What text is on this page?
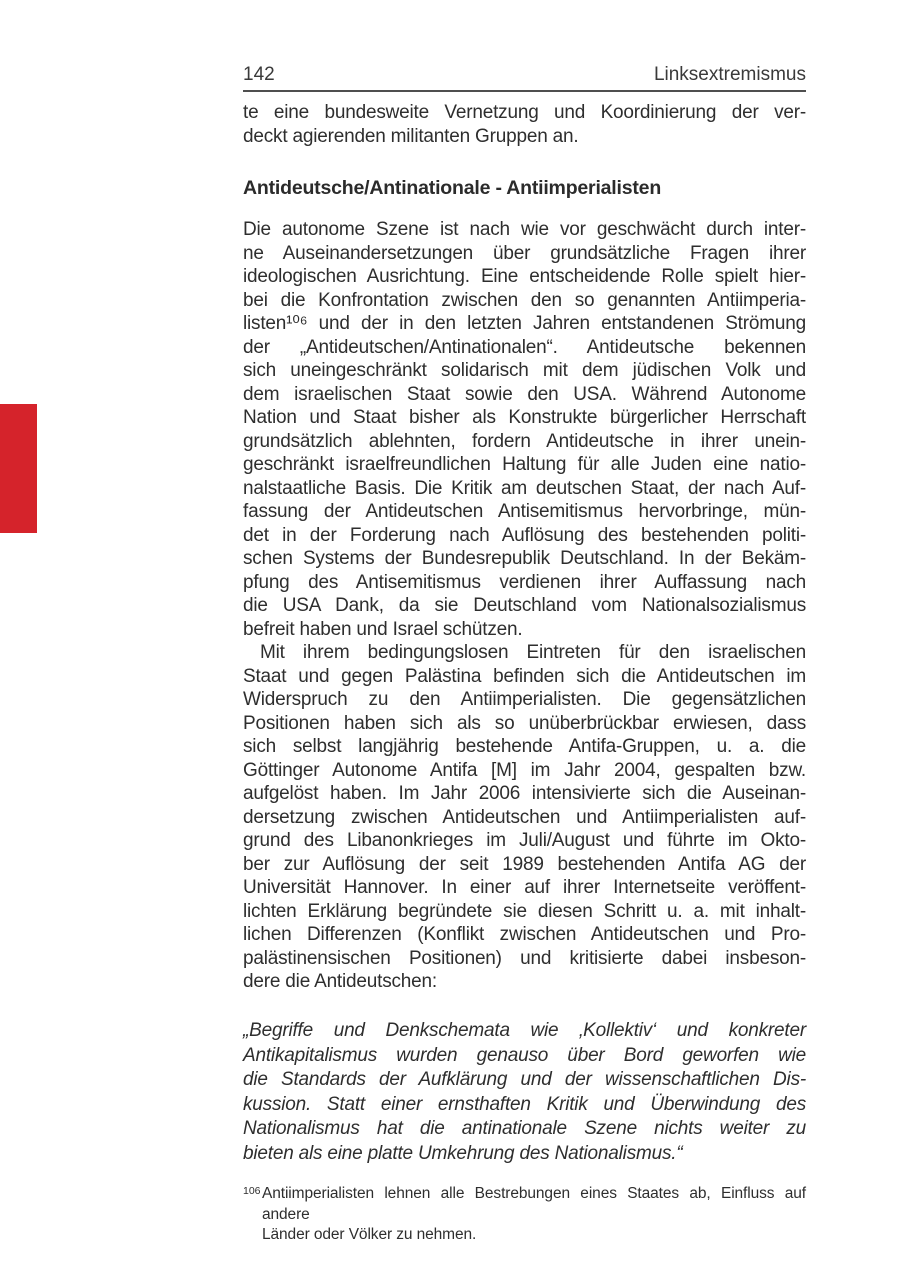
142	Linksextremismus
te eine bundesweite Vernetzung und Koordinierung der ver-
deckt agierenden militanten Gruppen an.
Antideutsche/Antinationale - Antiimperialisten
Die autonome Szene ist nach wie vor geschwächt durch inter-
ne Auseinandersetzungen über grundsätzliche Fragen ihrer
ideologischen Ausrichtung. Eine entscheidende Rolle spielt hier-
bei die Konfrontation zwischen den so genannten Antiimperia-
listen¹⁰⁶ und der in den letzten Jahren entstandenen Strömung
der „Antideutschen/Antinationalen“. Antideutsche bekennen
sich uneingeschränkt solidarisch mit dem jüdischen Volk und
dem israelischen Staat sowie den USA. Während Autonome
Nation und Staat bisher als Konstrukte bürgerlicher Herrschaft
grundsätzlich ablehnten, fordern Antideutsche in ihrer unein-
geschränkt israelfreundlichen Haltung für alle Juden eine natio-
nalstaatliche Basis. Die Kritik am deutschen Staat, der nach Auf-
fassung der Antideutschen Antisemitismus hervorbringe, mün-
det in der Forderung nach Auflösung des bestehenden politi-
schen Systems der Bundesrepublik Deutschland. In der Bekäm-
pfung des Antisemitismus verdienen ihrer Auffassung nach
die USA Dank, da sie Deutschland vom Nationalsozialismus
befreit haben und Israel schützen.
Mit ihrem bedingungslosen Eintreten für den israelischen
Staat und gegen Palästina befinden sich die Antideutschen im
Widerspruch zu den Antiimperialisten. Die gegensätzlichen
Positionen haben sich als so unüberbrückbar erwiesen, dass
sich selbst langjährig bestehende Antifa-Gruppen, u. a. die
Göttinger Autonome Antifa [M] im Jahr 2004, gespalten bzw.
aufgelöst haben. Im Jahr 2006 intensivierte sich die Auseinan-
dersetzung zwischen Antideutschen und Antiimperialisten auf-
grund des Libanonkrieges im Juli/August und führte im Okto-
ber zur Auflösung der seit 1989 bestehenden Antifa AG der
Universität Hannover. In einer auf ihrer Internetseite veröffent-
lichten Erklärung begründete sie diesen Schritt u. a. mit inhalt-
lichen Differenzen (Konflikt zwischen Antideutschen und Pro-
palästinensischen Positionen) und kritisierte dabei insbeson-
dere die Antideutschen:
„Begriffe und Denkschemata wie ‚Kollektiv‘ und konkreter
Antikapitalismus wurden genauso über Bord geworfen wie
die Standards der Aufklärung und der wissenschaftlichen Dis-
kussion. Statt einer ernsthaften Kritik und Überwindung des
Nationalismus hat die antinationale Szene nichts weiter zu
bieten als eine platte Umkehrung des Nationalismus.“
106 Antiimperialisten lehnen alle Bestrebungen eines Staates ab, Einfluss auf andere
Länder oder Völker zu nehmen.
